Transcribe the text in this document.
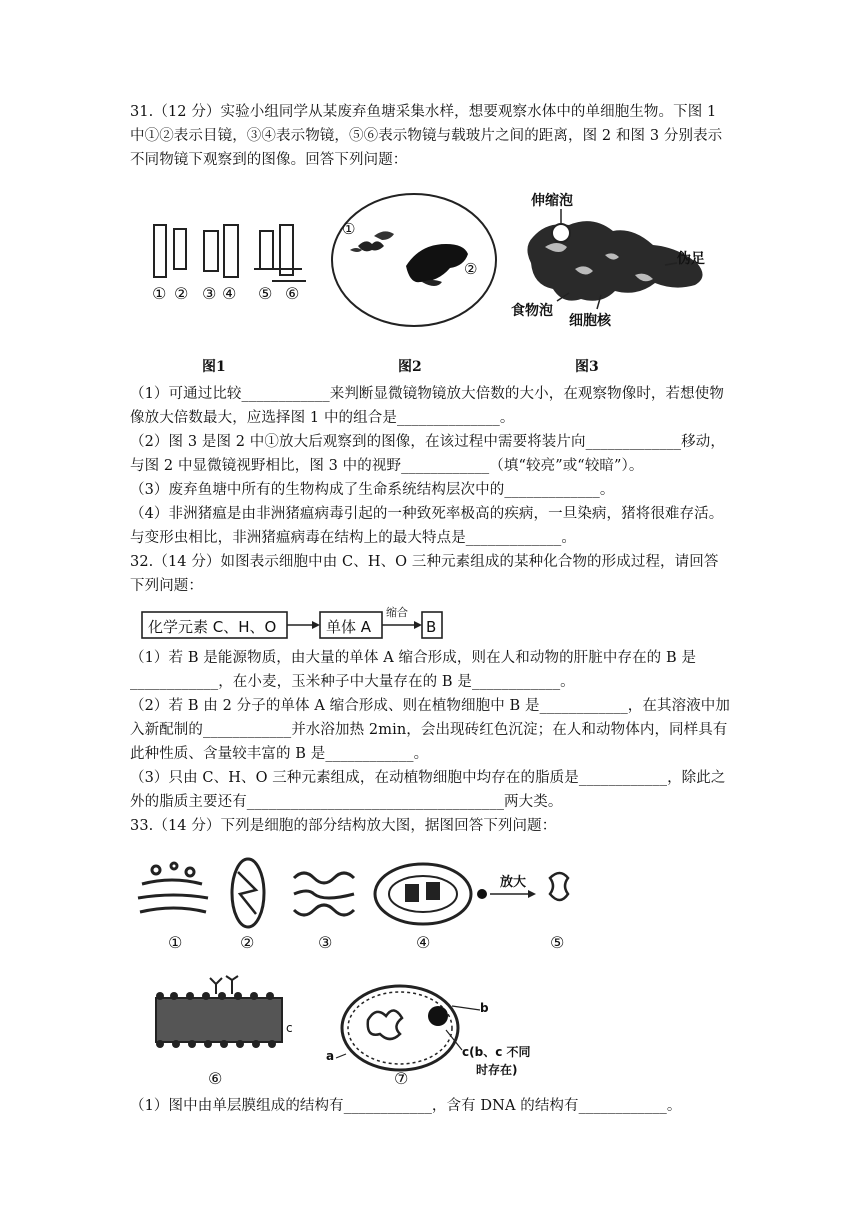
31.（12 分）实验小组同学从某废弃鱼塘采集水样，想要观察水体中的单细胞生物。下图 1 中①②表示目镜，③④表示物镜，⑤⑥表示物镜与载玻片之间的距离，图 2 和图 3 分别表示不同物镜下观察到的图像。回答下列问题：
① ② ③ ④ ⑤ ⑥
①
②
伸缩泡
伪足
食物泡
细胞核
图1	图2	图3
（1）可通过比较____________来判断显微镜物镜放大倍数的大小，在观察物像时，若想使物像放大倍数最大，应选择图 1 中的组合是______________。
（2）图 3 是图 2 中①放大后观察到的图像，在该过程中需要将装片向_____________移动，与图 2 中显微镜视野相比，图 3 中的视野____________（填“较亮”或“较暗”）。
（3）废弃鱼塘中所有的生物构成了生命系统结构层次中的_____________。
（4）非洲猪瘟是由非洲猪瘟病毒引起的一种致死率极高的疾病，一旦染病，猪将很难存活。与变形虫相比，非洲猪瘟病毒在结构上的最大特点是_____________。
32.（14 分）如图表示细胞中由 C、H、O 三种元素组成的某种化合物的形成过程，请回答下列问题：
化学元素 C、H、O	单体 A
缩合
B
（1）若 B 是能源物质，由大量的单体 A 缩合形成，则在人和动物的肝脏中存在的 B 是____________，在小麦，玉米种子中大量存在的 B 是____________。
（2）若 B 由 2 分子的单体 A 缩合形成、则在植物细胞中 B 是____________，在其溶液中加入新配制的____________并水浴加热 2min，会出现砖红色沉淀；在人和动物体内，同样具有此种性质、含量较丰富的 B 是____________。
（3）只由 C、H、O 三种元素组成，在动植物细胞中均存在的脂质是____________，除此之外的脂质主要还有___________________________________两大类。
33.（14 分）下列是细胞的部分结构放大图，据图回答下列问题：
①	②	③	④	⑤
放大
⑥	⑦
c
a
b
c(b、c 不同
时存在)
（1）图中由单层膜组成的结构有____________，含有 DNA 的结构有____________。
